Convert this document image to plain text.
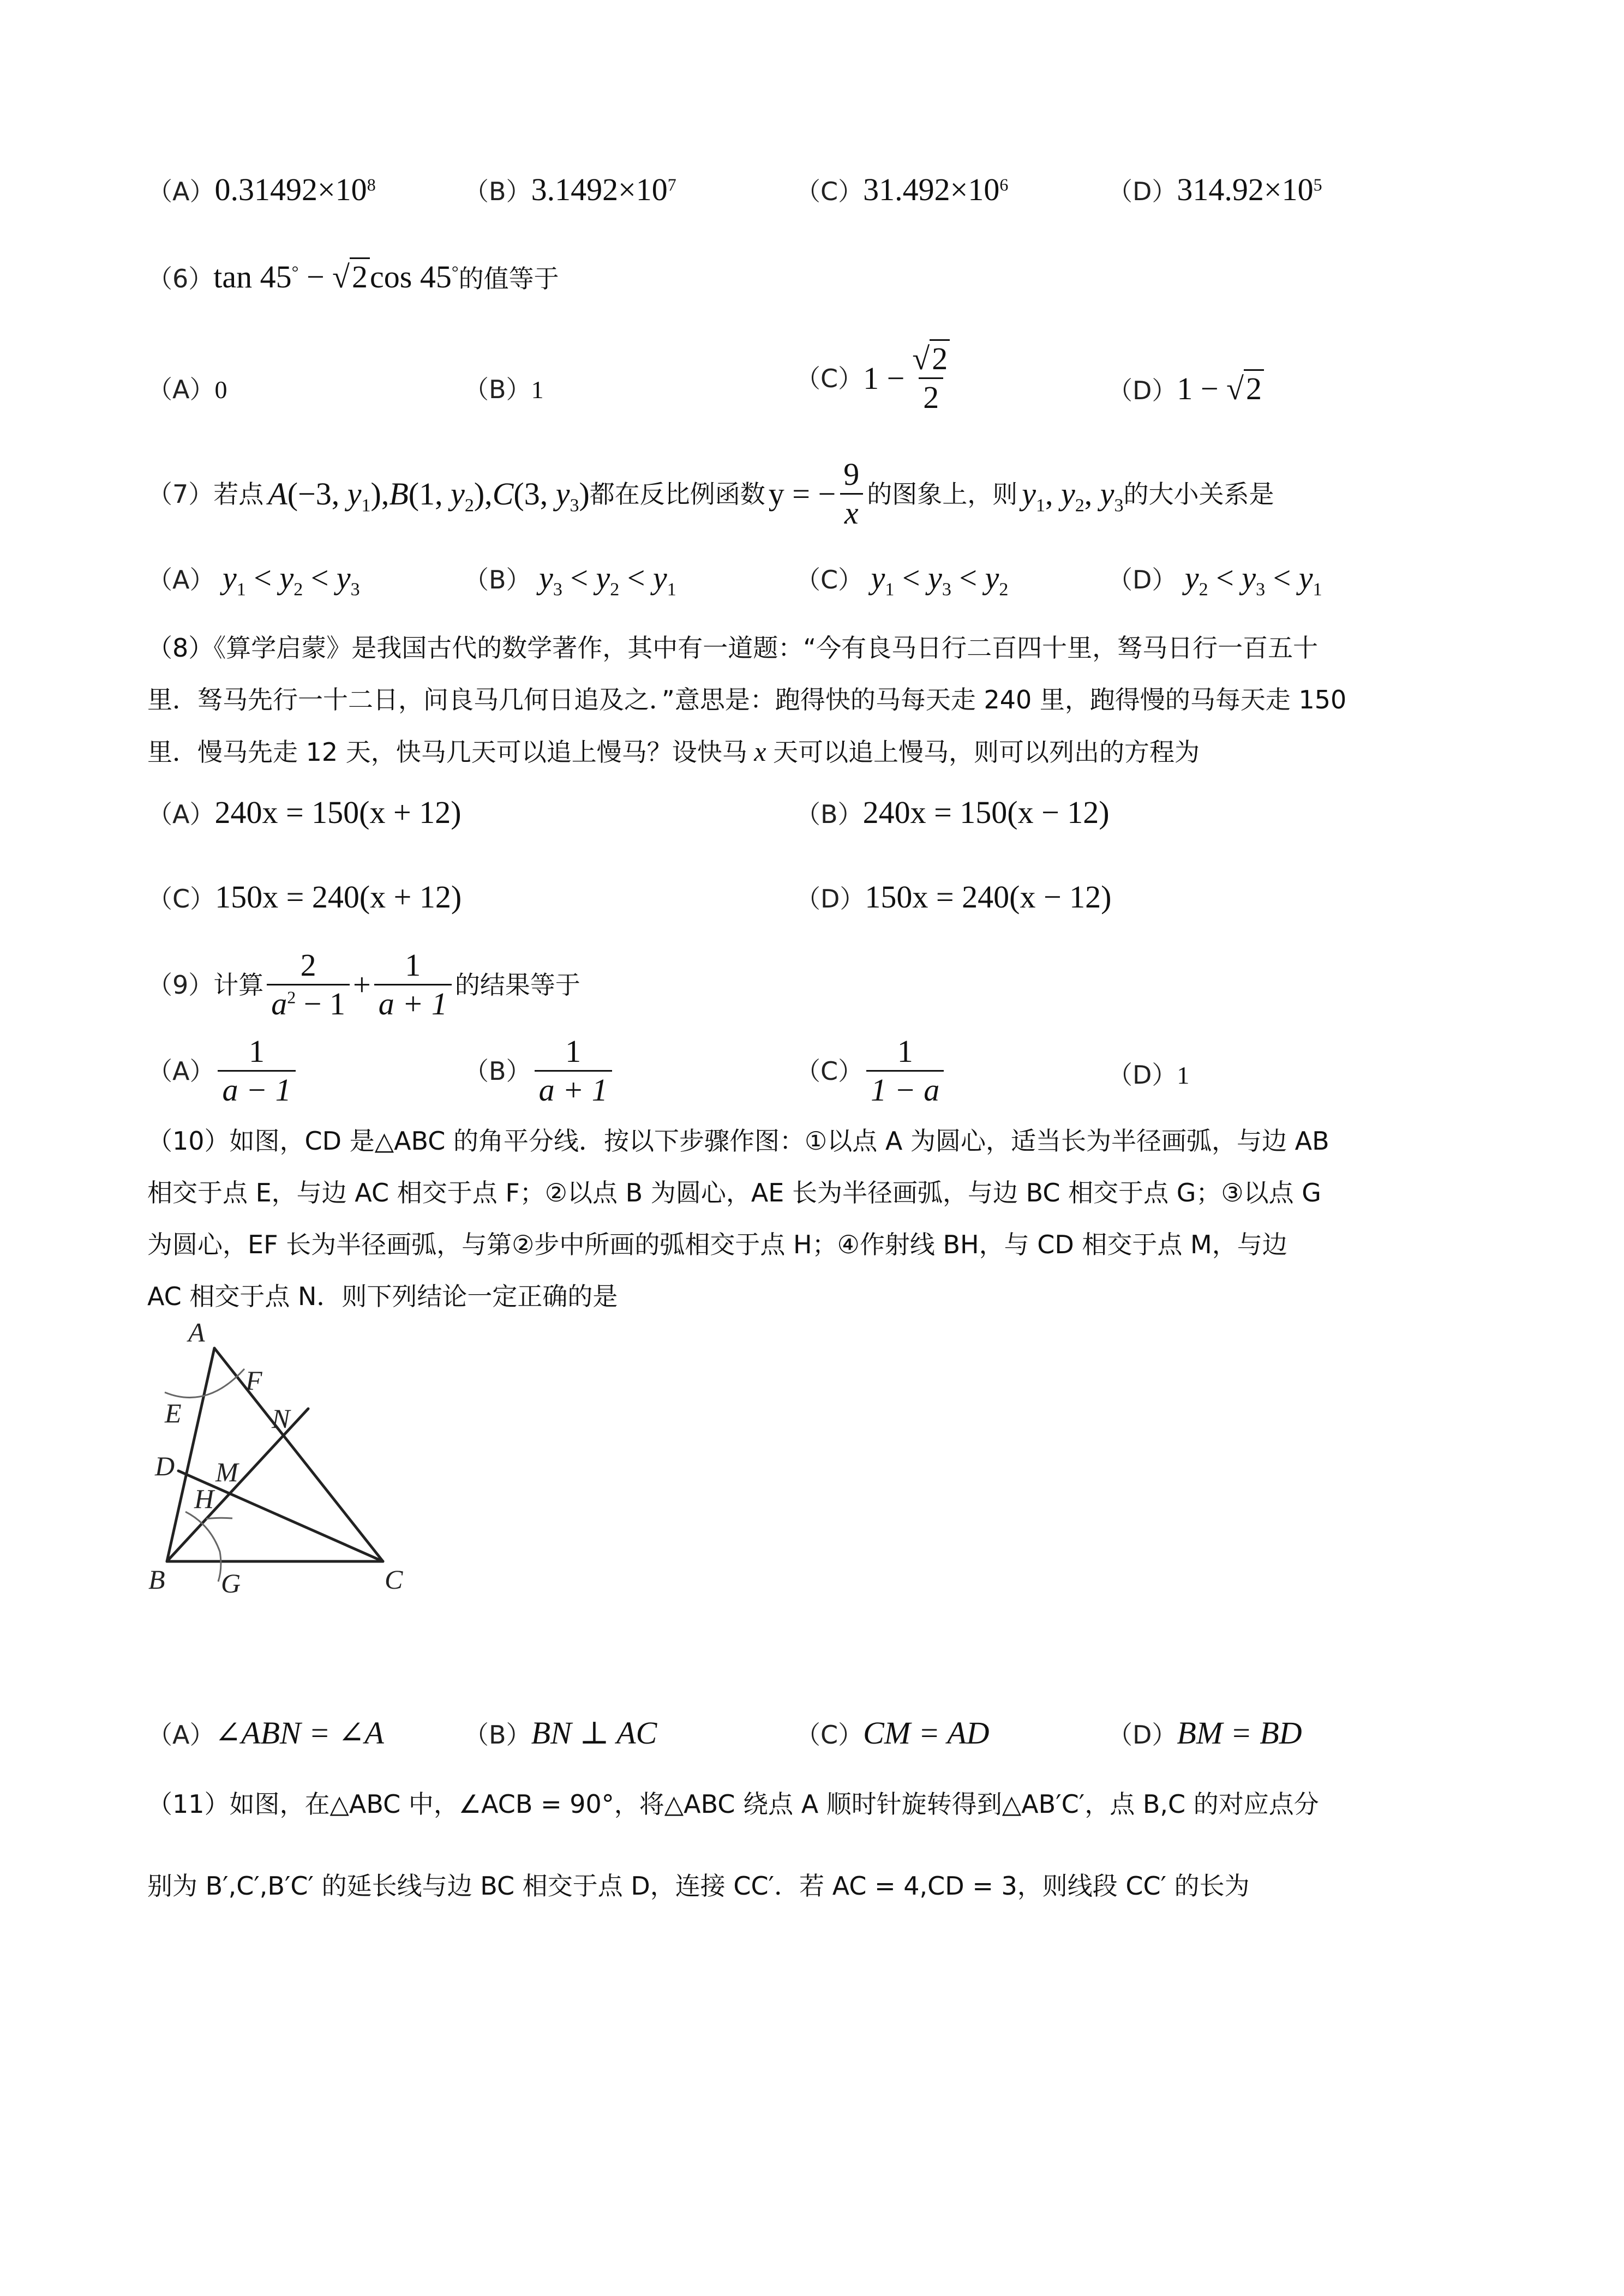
$(A)0.31492\times 10^8$	$(B)3.1492\times 10^7$	$(C)31.492\times 10^6$	$(D)314.92\times 10^5$
（6）tan 45° − √2cos 45°的值等于
（A）0	（B）1	（C） $1 - \frac{√2}{2}$	（D）1 − √2
（7） 若点 A(−3, $y_1$), B(1, $y_2$), C(3, $y_3$) 都在反比例函数 y = − $\frac{9}{x}$ 的图象上，则 $y_1$, $y_2$, $y_3$ 的大小关系是
（A） $y_1 < y_2 < y_3$	（B） $y_3 < y_2 < y_1$	（C） $y_1 < y_3 < y_2$	（D） $y_2 < y_3 < y_1$
（8）《算学启蒙》是我国古代的数学著作，其中有一道题：“今有良马日行二百四十里，驽马日行一百五十
里．驽马先行一十二日，问良马几何日追及之．”意思是：跑得快的马每天走 240 里，跑得慢的马每天走 150
里．慢马先走 12 天，快马几天可以追上慢马？设快马 x 天可以追上慢马，则可以列出的方程为
（A）240x = 150(x + 12)	（B）240x = 150(x − 12)
（C）150x = 240(x + 12)	（D）150x = 240(x − 12)
（9） 计算 $\frac{2}{a^2 - 1} + \frac{1}{a + 1}$ 的结果等于
$(A) \frac{1}{a - 1}$	$(B) \frac{1}{a + 1}$	$(C) \frac{1}{1 - a}$	（D）1
（10）如图，CD 是△ABC 的角平分线．按以下步骤作图：①以点 A 为圆心，适当长为半径画弧，与边 AB
相交于点 E，与边 AC 相交于点 F；②以点 B 为圆心，AE 长为半径画弧，与边 BC 相交于点 G；③以点 G
为圆心，EF 长为半径画弧，与第②步中所画的弧相交于点 H；④作射线 BH，与 CD 相交于点 M，与边
AC 相交于点 N．则下列结论一定正确的是
A
F
E	N
D M
H
B G	C
（A）∠ABN = ∠A	（B）BN ⊥ AC	（C）CM = AD	（D）BM = BD
（11）如图，在△ABC 中，∠ACB = 90°，将△ABC 绕点 A 顺时针旋转得到△AB′C′，点 B,C 的对应点分
别为 B′,C′,B′C′ 的延长线与边 BC 相交于点 D，连接 CC′．若 AC = 4,CD = 3，则线段 CC′ 的长为
